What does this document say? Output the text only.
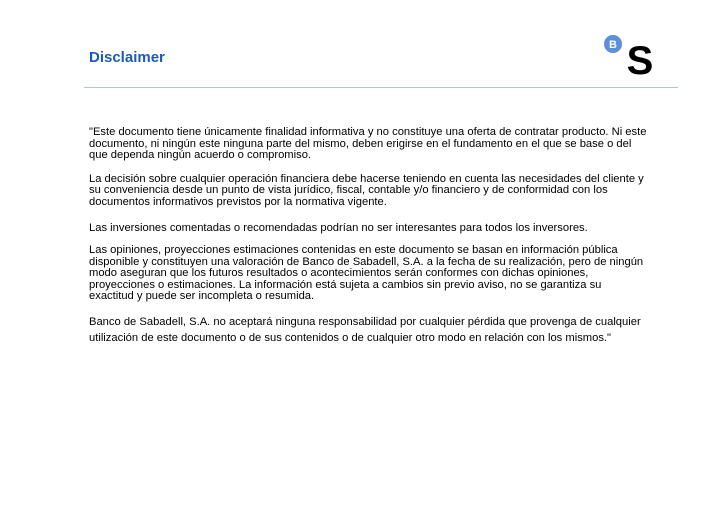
Disclaimer
B S

"Este documento tiene únicamente finalidad informativa y no constituye una oferta de contratar producto. Ni este documento, ni ningún este ninguna parte del mismo, deben erigirse en el fundamento en el que se base o del que dependa ningún acuerdo o compromiso.

La decisión sobre cualquier operación financiera debe hacerse teniendo en cuenta las necesidades del cliente y su conveniencia desde un punto de vista jurídico, fiscal, contable y/o financiero y de conformidad con los documentos informativos previstos por la normativa vigente.

Las inversiones comentadas o recomendadas podrían no ser interesantes para todos los inversores.

Las opiniones, proyecciones estimaciones contenidas en este documento se basan en información pública disponible y constituyen una valoración de Banco de Sabadell, S.A. a la fecha de su realización, pero de ningún modo aseguran que los futuros resultados o acontecimientos serán conformes con dichas opiniones, proyecciones o estimaciones. La información está sujeta a cambios sin previo aviso, no se garantiza su exactitud y puede ser incompleta o resumida.

Banco de Sabadell, S.A. no aceptará ninguna responsabilidad por cualquier pérdida que provenga de cualquier utilización de este documento o de sus contenidos o de cualquier otro modo en relación con los mismos."
